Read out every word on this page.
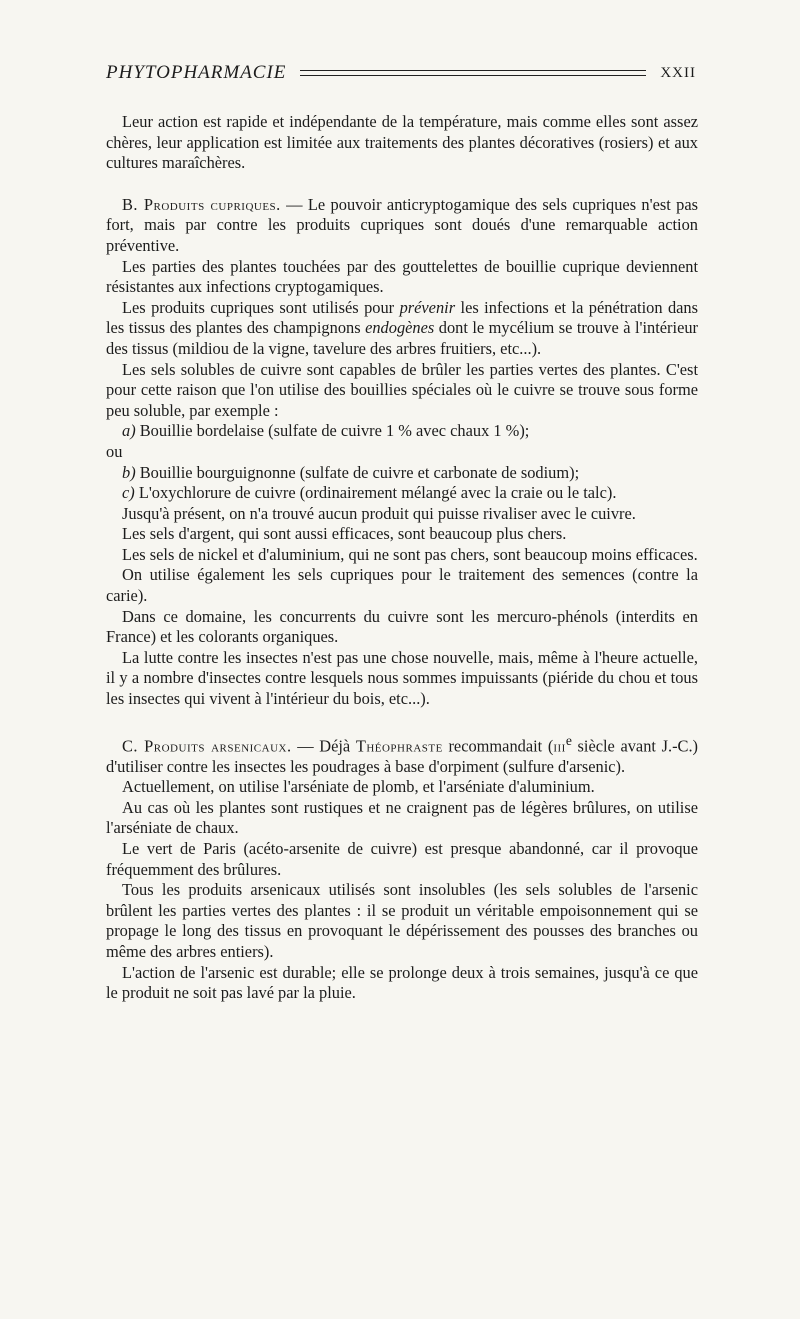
PHYTOPHARMACIE	XXII

Leur action est rapide et indépendante de la température, mais comme elles sont assez chères, leur application est limitée aux traitements des plantes décoratives (rosiers) et aux cultures maraîchères.

B. Produits cupriques. — Le pouvoir anticryptogamique des sels cupriques n'est pas fort, mais par contre les produits cupriques sont doués d'une remarquable action préventive.

Les parties des plantes touchées par des gouttelettes de bouillie cuprique deviennent résistantes aux infections cryptogamiques.

Les produits cupriques sont utilisés pour prévenir les infections et la pénétration dans les tissus des plantes des champignons endogènes dont le mycélium se trouve à l'intérieur des tissus (mildiou de la vigne, tavelure des arbres fruitiers, etc...).

Les sels solubles de cuivre sont capables de brûler les parties vertes des plantes. C'est pour cette raison que l'on utilise des bouillies spéciales où le cuivre se trouve sous forme peu soluble, par exemple :

a) Bouillie bordelaise (sulfate de cuivre 1 % avec chaux 1 %);

ou

b) Bouillie bourguignonne (sulfate de cuivre et carbonate de sodium);

c) L'oxychlorure de cuivre (ordinairement mélangé avec la craie ou le talc).

Jusqu'à présent, on n'a trouvé aucun produit qui puisse rivaliser avec le cuivre.

Les sels d'argent, qui sont aussi efficaces, sont beaucoup plus chers.

Les sels de nickel et d'aluminium, qui ne sont pas chers, sont beaucoup moins efficaces.

On utilise également les sels cupriques pour le traitement des semences (contre la carie).

Dans ce domaine, les concurrents du cuivre sont les mercuro-phénols (interdits en France) et les colorants organiques.

La lutte contre les insectes n'est pas une chose nouvelle, mais, même à l'heure actuelle, il y a nombre d'insectes contre lesquels nous sommes impuissants (piéride du chou et tous les insectes qui vivent à l'intérieur du bois, etc...).

C. Produits arsenicaux. — Déjà Théophraste recommandait (iii$^e$ siècle avant J.-C.) d'utiliser contre les insectes les poudrages à base d'orpiment (sulfure d'arsenic).

Actuellement, on utilise l'arséniate de plomb, et l'arséniate d'aluminium.

Au cas où les plantes sont rustiques et ne craignent pas de légères brûlures, on utilise l'arséniate de chaux.

Le vert de Paris (acéto-arsenite de cuivre) est presque abandonné, car il provoque fréquemment des brûlures.

Tous les produits arsenicaux utilisés sont insolubles (les sels solubles de l'arsenic brûlent les parties vertes des plantes : il se produit un véritable empoisonnement qui se propage le long des tissus en provoquant le dépérissement des pousses des branches ou même des arbres entiers).

L'action de l'arsenic est durable; elle se prolonge deux à trois semaines, jusqu'à ce que le produit ne soit pas lavé par la pluie.
